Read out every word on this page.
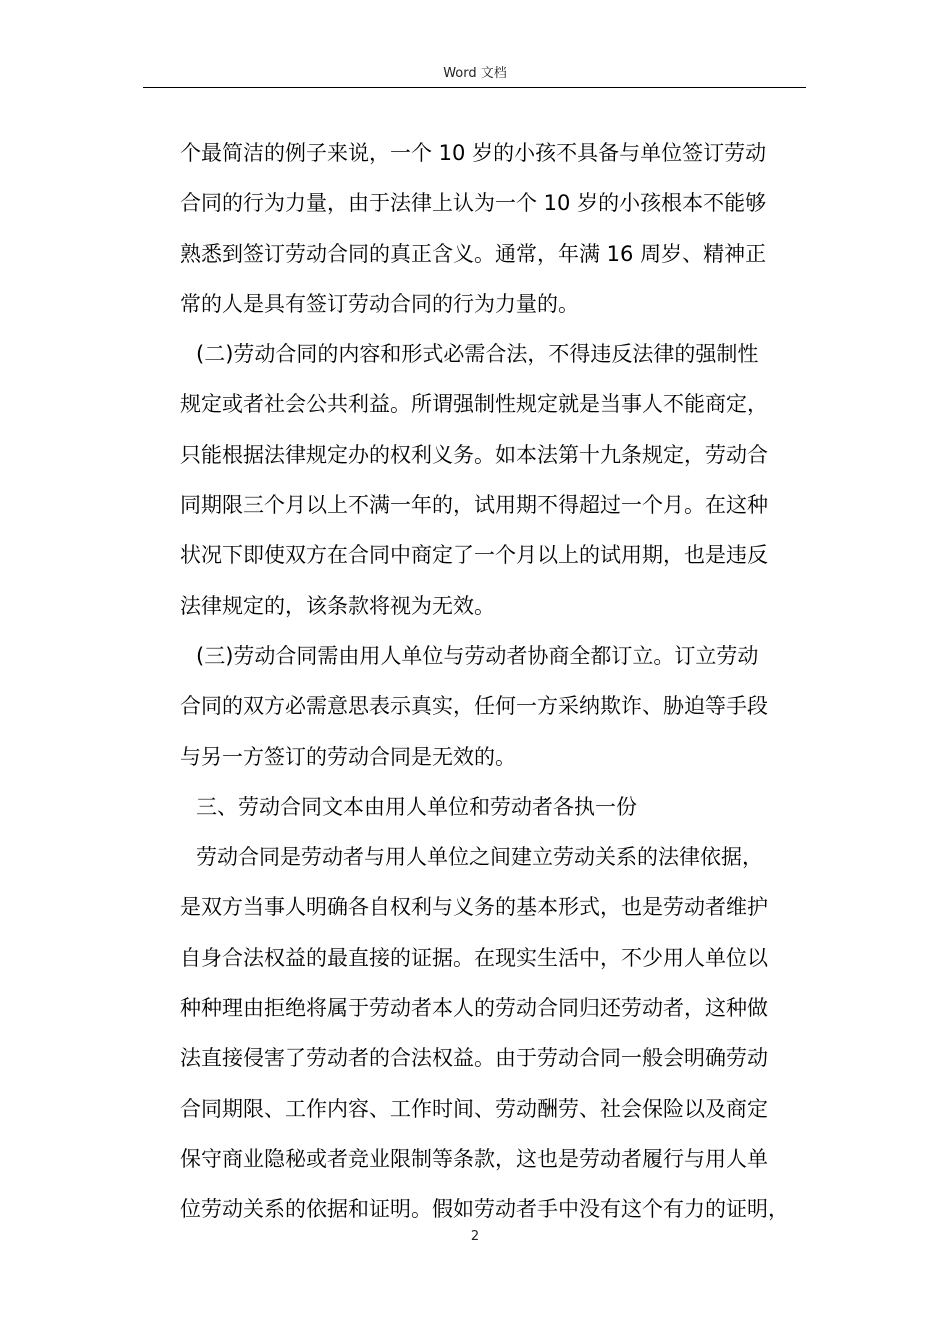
Word 文档
个最简洁的例子来说，一个 10 岁的小孩不具备与单位签订劳动
合同的行为力量，由于法律上认为一个 10 岁的小孩根本不能够
熟悉到签订劳动合同的真正含义。通常，年满 16 周岁、精神正
常的人是具有签订劳动合同的行为力量的。
(二)劳动合同的内容和形式必需合法，不得违反法律的强制性
规定或者社会公共利益。所谓强制性规定就是当事人不能商定，
只能根据法律规定办的权利义务。如本法第十九条规定，劳动合
同期限三个月以上不满一年的，试用期不得超过一个月。在这种
状况下即使双方在合同中商定了一个月以上的试用期，也是违反
法律规定的，该条款将视为无效。
(三)劳动合同需由用人单位与劳动者协商全都订立。订立劳动
合同的双方必需意思表示真实，任何一方采纳欺诈、胁迫等手段
与另一方签订的劳动合同是无效的。
三、劳动合同文本由用人单位和劳动者各执一份
劳动合同是劳动者与用人单位之间建立劳动关系的法律依据，
是双方当事人明确各自权利与义务的基本形式，也是劳动者维护
自身合法权益的最直接的证据。在现实生活中，不少用人单位以
种种理由拒绝将属于劳动者本人的劳动合同归还劳动者，这种做
法直接侵害了劳动者的合法权益。由于劳动合同一般会明确劳动
合同期限、工作内容、工作时间、劳动酬劳、社会保险以及商定
保守商业隐秘或者竞业限制等条款，这也是劳动者履行与用人单
位劳动关系的依据和证明。假如劳动者手中没有这个有力的证明，
2
